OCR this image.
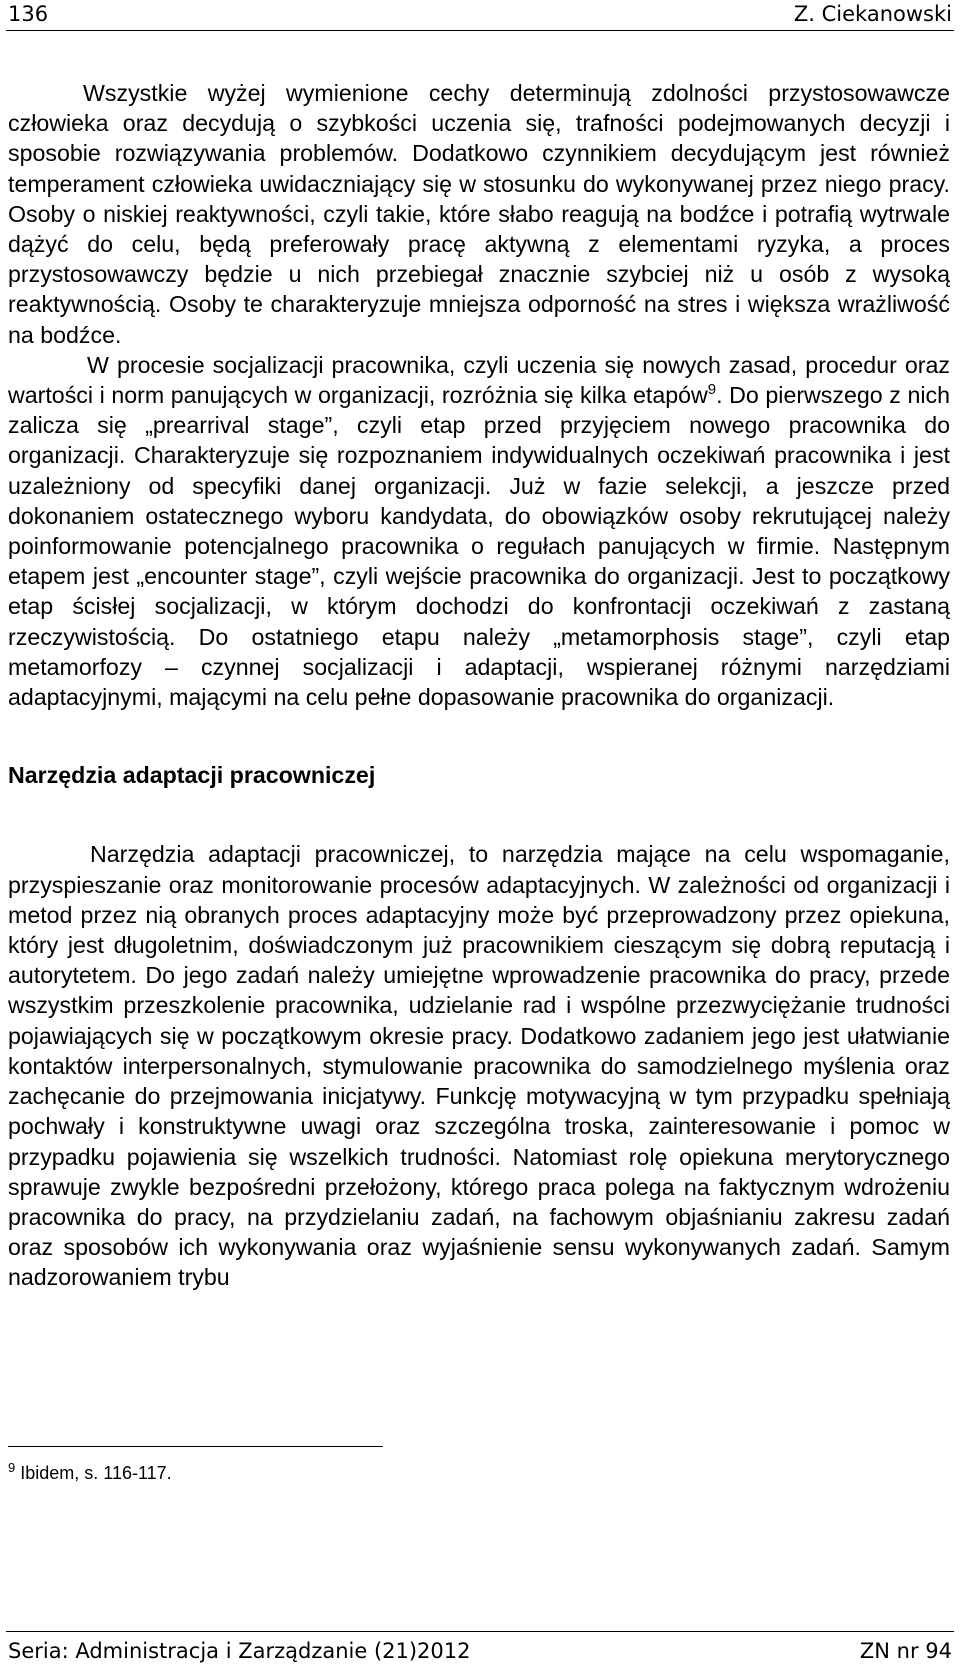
136	Z. Ciekanowski

Wszystkie wyżej wymienione cechy determinują zdolności przystosowawcze człowieka oraz decydują o szybkości uczenia się, trafności podejmowanych decyzji i sposobie rozwiązywania problemów. Dodatkowo czynnikiem decydującym jest również temperament człowieka uwidaczniający się w stosunku do wykonywanej przez niego pracy. Osoby o niskiej reaktywności, czyli takie, które słabo reagują na bodźce i potrafią wytrwale dążyć do celu, będą preferowały pracę aktywną z elementami ryzyka, a proces przystosowawczy będzie u nich przebiegał znacznie szybciej niż u osób z wysoką reaktywnością. Osoby te charakteryzuje mniejsza odporność na stres i większa wrażliwość na bodźce.

W procesie socjalizacji pracownika, czyli uczenia się nowych zasad, procedur oraz wartości i norm panujących w organizacji, rozróżnia się kilka etapów$^9$. Do pierwszego z nich zalicza się „prearrival stage”, czyli etap przed przyjęciem nowego pracownika do organizacji. Charakteryzuje się rozpoznaniem indywidualnych oczekiwań pracownika i jest uzależniony od specyfiki danej organizacji. Już w fazie selekcji, a jeszcze przed dokonaniem ostatecznego wyboru kandydata, do obowiązków osoby rekrutującej należy poinformowanie potencjalnego pracownika o regułach panujących w firmie. Następnym etapem jest „encounter stage”, czyli wejście pracownika do organizacji. Jest to początkowy etap ścisłej socjalizacji, w którym dochodzi do konfrontacji oczekiwań z zastaną rzeczywistością. Do ostatniego etapu należy „metamorphosis stage”, czyli etap metamorfozy – czynnej socjalizacji i adaptacji, wspieranej różnymi narzędziami adaptacyjnymi, mającymi na celu pełne dopasowanie pracownika do organizacji.

Narzędzia adaptacji pracowniczej

Narzędzia adaptacji pracowniczej, to narzędzia mające na celu wspomaganie, przyspieszanie oraz monitorowanie procesów adaptacyjnych. W zależności od organizacji i metod przez nią obranych proces adaptacyjny może być przeprowadzony przez opiekuna, który jest długoletnim, doświadczonym już pracownikiem cieszącym się dobrą reputacją i autorytetem. Do jego zadań należy umiejętne wprowadzenie pracownika do pracy, przede wszystkim przeszkolenie pracownika, udzielanie rad i wspólne przezwyciężanie trudności pojawiających się w początkowym okresie pracy. Dodatkowo zadaniem jego jest ułatwianie kontaktów interpersonalnych, stymulowanie pracownika do samodzielnego myślenia oraz zachęcanie do przejmowania inicjatywy. Funkcję motywacyjną w tym przypadku spełniają pochwały i konstruktywne uwagi oraz szczególna troska, zainteresowanie i pomoc w przypadku pojawienia się wszelkich trudności. Natomiast rolę opiekuna merytorycznego sprawuje zwykle bezpośredni przełożony, którego praca polega na faktycznym wdrożeniu pracownika do pracy, na przydzielaniu zadań, na fachowym objaśnianiu zakresu zadań oraz sposobów ich wykonywania oraz wyjaśnienie sensu wykonywanych zadań. Samym nadzorowaniem trybu

$^9$ Ibidem, s. 116-117.
Seria: Administracja i Zarządzanie (21)2012	ZN nr 94
